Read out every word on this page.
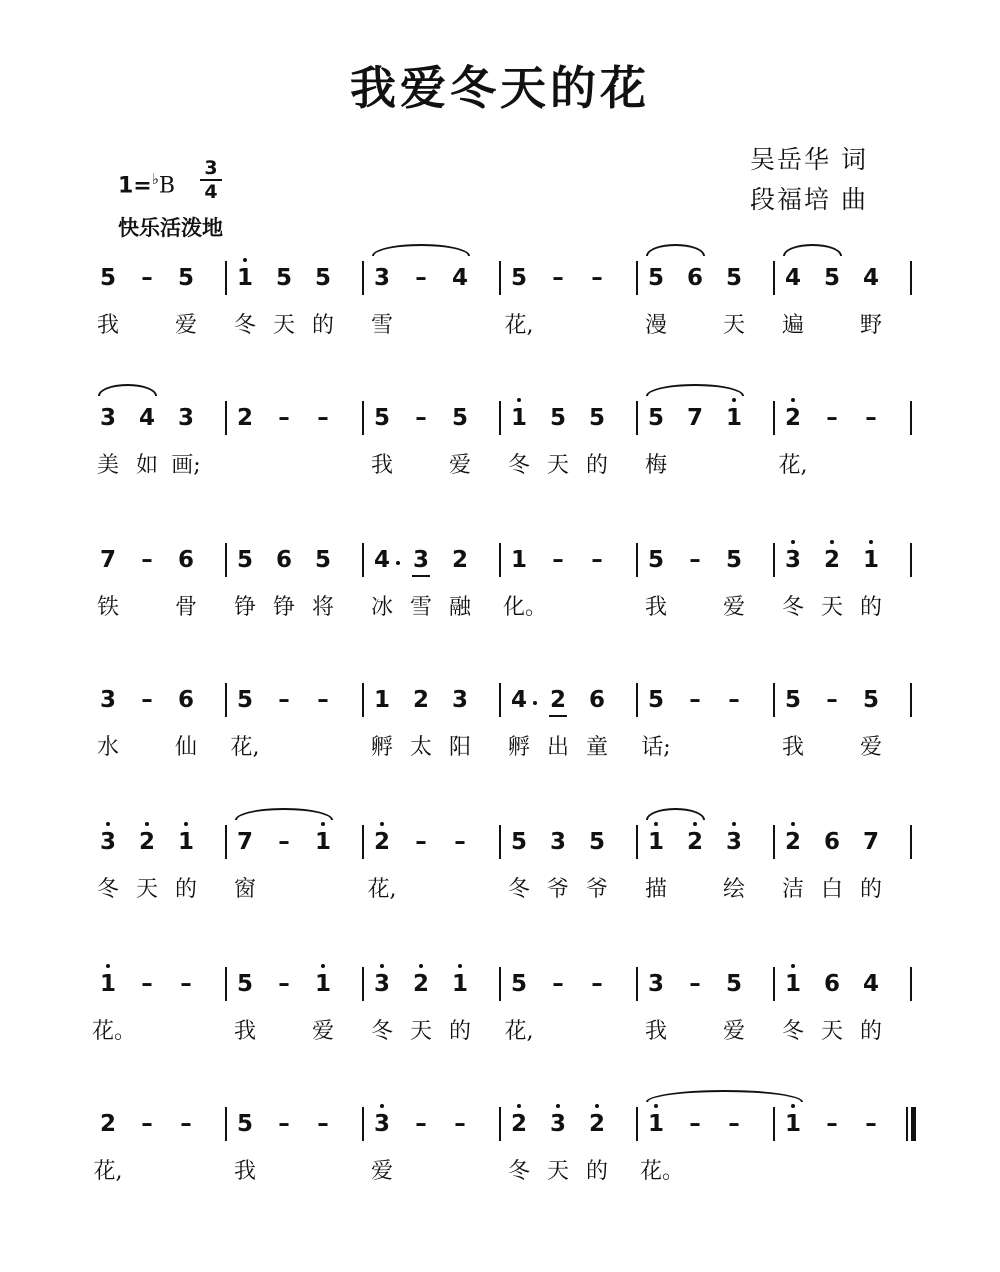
我爱冬天的花
吴岳华 词
段福培 曲
1=♭B
3
4
快乐活泼地
5
我
–	5
爱
1
冬
5
天
5
的
3
雪
–	4	5
花,
–	–	5
漫
6 5
天
4
遍
5 4
野
3
美
4
如
3
画;
2	–	–	5
我
–	5
爱
1
冬
5
天
5
的
5
梅
7 1	2
花,
–	–
7
铁
–	6
骨
5
铮
6
铮
5
将
4
冰
3
雪
2
融
1
化。
–	–	5
我
–	5
爱
3
冬
2
天
1
的
3
水
–	6
仙
5
花,
–	–	1
孵
2
太
3
阳
4
孵
2
出
6
童
5
话;
–	–	5
我
–	5
爱
3
冬
2
天
1
的
7
窗
–	1	2
花,
–	–	5
冬
3
爷
5
爷
1
描
2 3
绘
2
洁
6
白
7
的
1
花。
–	–	5
我
–	1
爱
3
冬
2
天
1
的
5
花,
–	–	3
我
–	5
爱
1
冬
6
天
4
的
2
花,
–	–	5
我
–	–	3
爱
–	–	2
冬
3
天
2
的
1
花。
–	–	1	–	–
